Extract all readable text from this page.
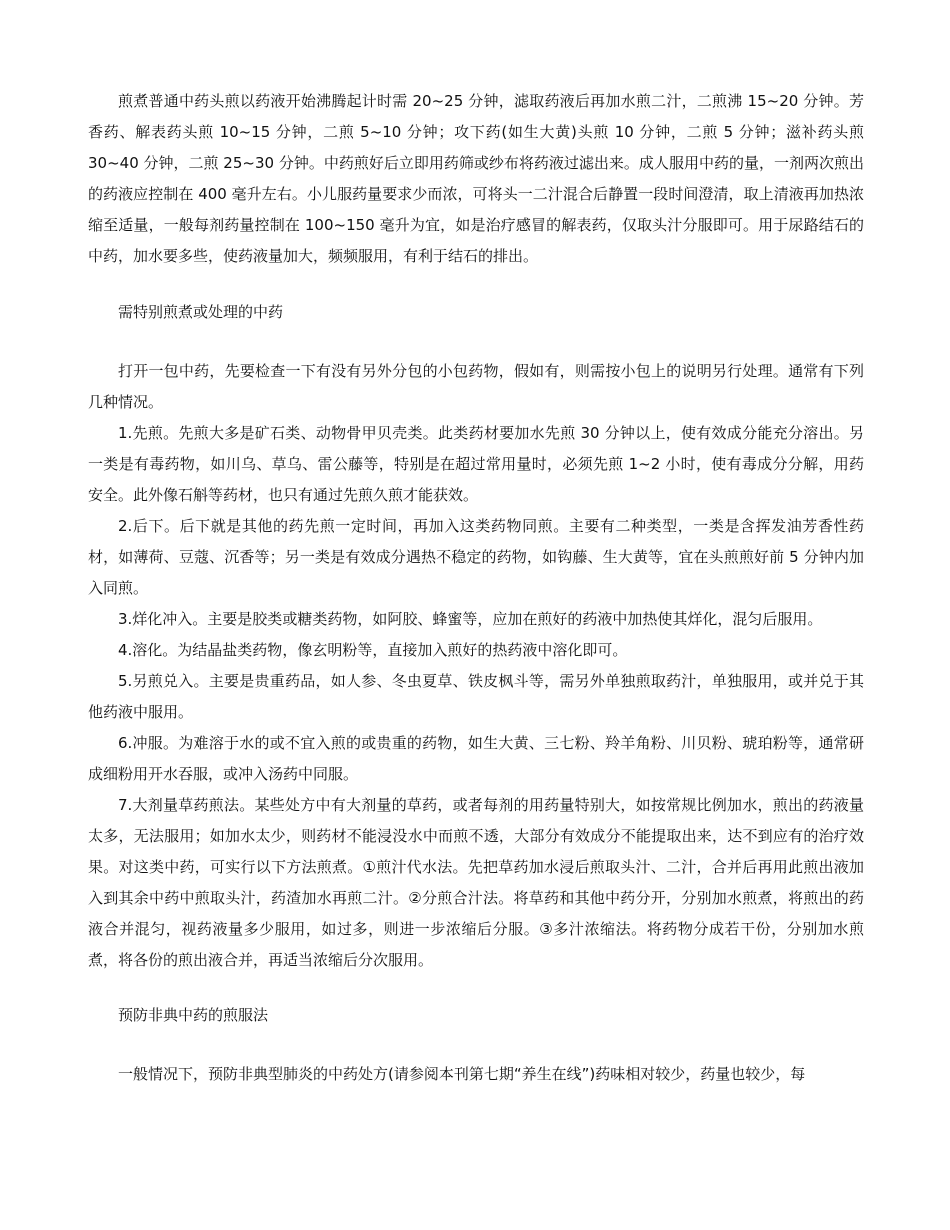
煎煮普通中药头煎以药液开始沸腾起计时需 20~25 分钟，滤取药液后再加水煎二汁，二煎沸 15~20 分钟。芳香药、解表药头煎 10~15 分钟，二煎 5~10 分钟；攻下药(如生大黄)头煎 10 分钟，二煎 5 分钟；滋补药头煎 30~40 分钟，二煎 25~30 分钟。中药煎好后立即用药筛或纱布将药液过滤出来。成人服用中药的量，一剂两次煎出的药液应控制在 400 毫升左右。小儿服药量要求少而浓，可将头一二汁混合后静置一段时间澄清，取上清液再加热浓缩至适量，一般每剂药量控制在 100~150 毫升为宜，如是治疗感冒的解表药，仅取头汁分服即可。用于尿路结石的中药，加水要多些，使药液量加大，频频服用，有利于结石的排出。

需特别煎煮或处理的中药

打开一包中药，先要检查一下有没有另外分包的小包药物，假如有，则需按小包上的说明另行处理。通常有下列几种情况。

1.先煎。先煎大多是矿石类、动物骨甲贝壳类。此类药材要加水先煎 30 分钟以上，使有效成分能充分溶出。另一类是有毒药物，如川乌、草乌、雷公藤等，特别是在超过常用量时，必须先煎 1~2 小时，使有毒成分分解，用药安全。此外像石斛等药材，也只有通过先煎久煎才能获效。

2.后下。后下就是其他的药先煎一定时间，再加入这类药物同煎。主要有二种类型，一类是含挥发油芳香性药材，如薄荷、豆蔻、沉香等；另一类是有效成分遇热不稳定的药物，如钩藤、生大黄等，宜在头煎煎好前 5 分钟内加入同煎。

3.烊化冲入。主要是胶类或糖类药物，如阿胶、蜂蜜等，应加在煎好的药液中加热使其烊化，混匀后服用。

4.溶化。为结晶盐类药物，像玄明粉等，直接加入煎好的热药液中溶化即可。

5.另煎兑入。主要是贵重药品，如人参、冬虫夏草、铁皮枫斗等，需另外单独煎取药汁，单独服用，或并兑于其他药液中服用。

6.冲服。为难溶于水的或不宜入煎的或贵重的药物，如生大黄、三七粉、羚羊角粉、川贝粉、琥珀粉等，通常研成细粉用开水吞服，或冲入汤药中同服。

7.大剂量草药煎法。某些处方中有大剂量的草药，或者每剂的用药量特别大，如按常规比例加水，煎出的药液量太多，无法服用；如加水太少，则药材不能浸没水中而煎不透，大部分有效成分不能提取出来，达不到应有的治疗效果。对这类中药，可实行以下方法煎煮。①煎汁代水法。先把草药加水浸后煎取头汁、二汁，合并后再用此煎出液加入到其余中药中煎取头汁，药渣加水再煎二汁。②分煎合汁法。将草药和其他中药分开，分别加水煎煮，将煎出的药液合并混匀，视药液量多少服用，如过多，则进一步浓缩后分服。③多汁浓缩法。将药物分成若干份，分别加水煎煮，将各份的煎出液合并，再适当浓缩后分次服用。

预防非典中药的煎服法

一般情况下，预防非典型肺炎的中药处方(请参阅本刊第七期“养生在线”)药味相对较少，药量也较少，每
